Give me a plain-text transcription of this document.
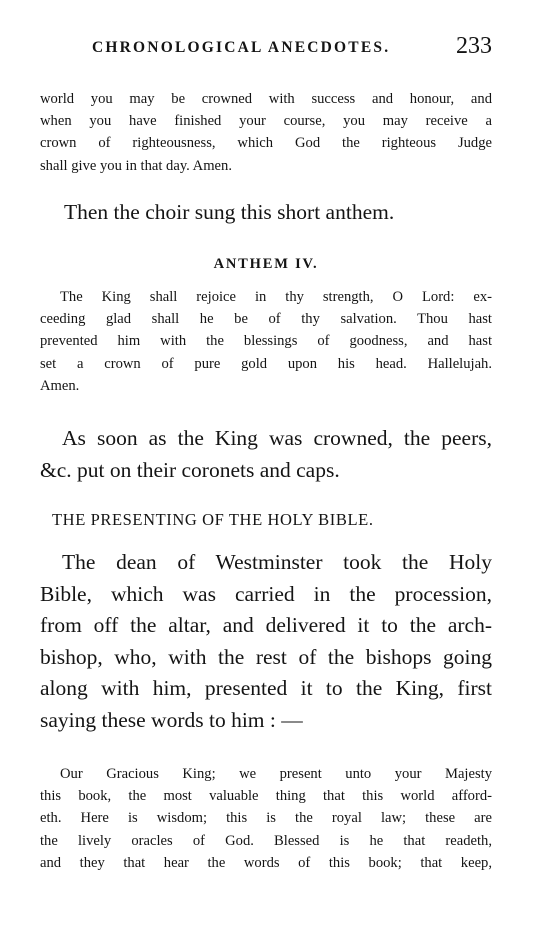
CHRONOLOGICAL ANECDOTES.	233
world you may be crowned with success and honour, and
when you have finished your course, you may receive a
crown of righteousness, which God the righteous Judge
shall give you in that day. Amen.
Then the choir sung this short anthem.
ANTHEM IV.
The King shall rejoice in thy strength, O Lord: ex-
ceeding glad shall he be of thy salvation. Thou hast
prevented him with the blessings of goodness, and hast
set a crown of pure gold upon his head. Hallelujah.
Amen.
As soon as the King was crowned, the peers,
&c. put on their coronets and caps.
THE PRESENTING OF THE HOLY BIBLE.
The dean of Westminster took the Holy
Bible, which was carried in the procession,
from off the altar, and delivered it to the arch-
bishop, who, with the rest of the bishops going
along with him, presented it to the King, first
saying these words to him : —
Our Gracious King; we present unto your Majesty
this book, the most valuable thing that this world afford-
eth. Here is wisdom; this is the royal law; these are
the lively oracles of God. Blessed is he that readeth,
and they that hear the words of this book; that keep,
